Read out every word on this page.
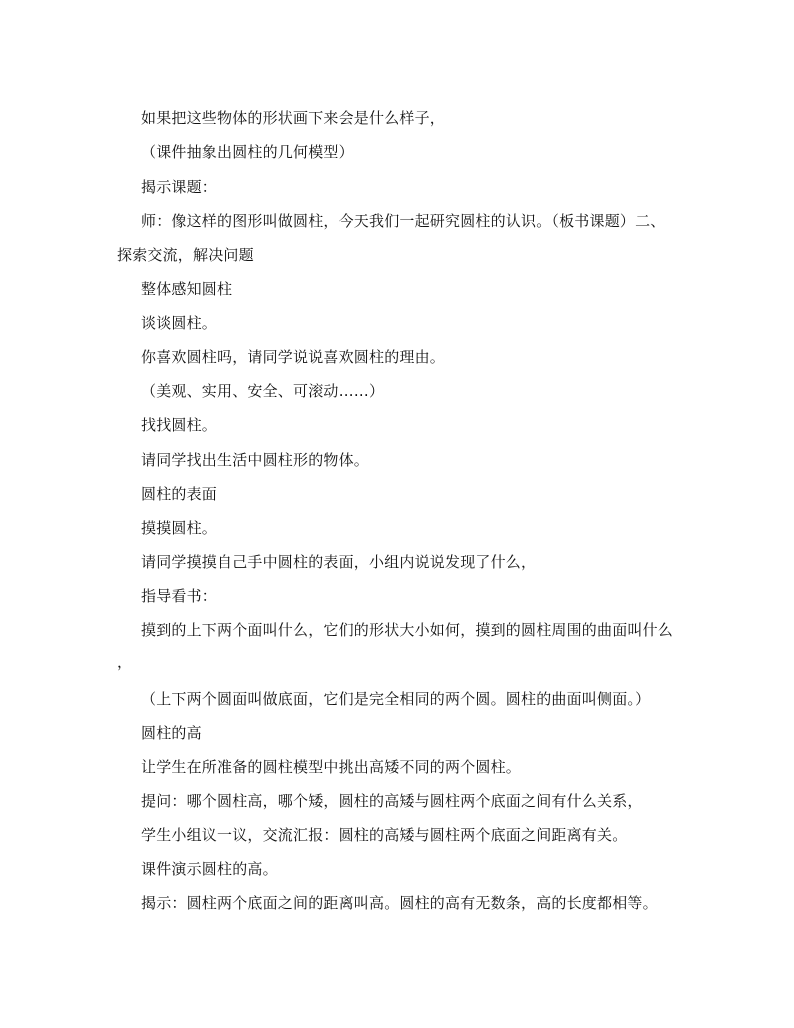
如果把这些物体的形状画下来会是什么样子，
（课件抽象出圆柱的几何模型）
揭示课题：
师：像这样的图形叫做圆柱，今天我们一起研究圆柱的认识。（板书课题）二、
探索交流，解决问题
整体感知圆柱
谈谈圆柱。
你喜欢圆柱吗，请同学说说喜欢圆柱的理由。
（美观、实用、安全、可滚动……）
找找圆柱。
请同学找出生活中圆柱形的物体。
圆柱的表面
摸摸圆柱。
请同学摸摸自己手中圆柱的表面，小组内说说发现了什么，
指导看书：
摸到的上下两个面叫什么，它们的形状大小如何，摸到的圆柱周围的曲面叫什么
，
（上下两个圆面叫做底面，它们是完全相同的两个圆。圆柱的曲面叫侧面。）
圆柱的高
让学生在所准备的圆柱模型中挑出高矮不同的两个圆柱。
提问：哪个圆柱高，哪个矮，圆柱的高矮与圆柱两个底面之间有什么关系，
学生小组议一议，交流汇报：圆柱的高矮与圆柱两个底面之间距离有关。
课件演示圆柱的高。
揭示：圆柱两个底面之间的距离叫高。圆柱的高有无数条，高的长度都相等。
